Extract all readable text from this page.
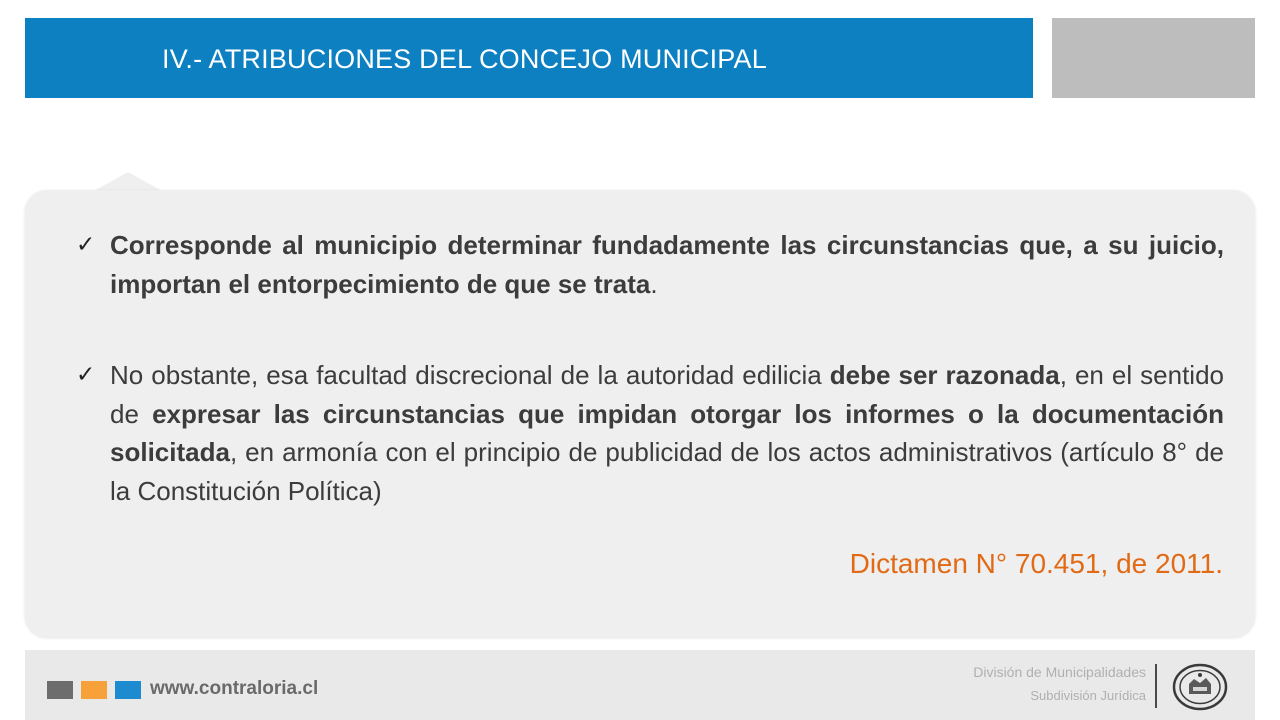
IV.- ATRIBUCIONES DEL CONCEJO MUNICIPAL
✓ Corresponde al municipio determinar fundadamente las circunstancias que, a su juicio, importan el entorpecimiento de que se trata.
✓ No obstante, esa facultad discrecional de la autoridad edilicia debe ser razonada, en el sentido de expresar las circunstancias que impidan otorgar los informes o la documentación solicitada, en armonía con el principio de publicidad de los actos administrativos (artículo 8° de la Constitución Política)
Dictamen N° 70.451, de 2011.
www.contraloria.cl
División de Municipalidades
Subdivisión Jurídica
